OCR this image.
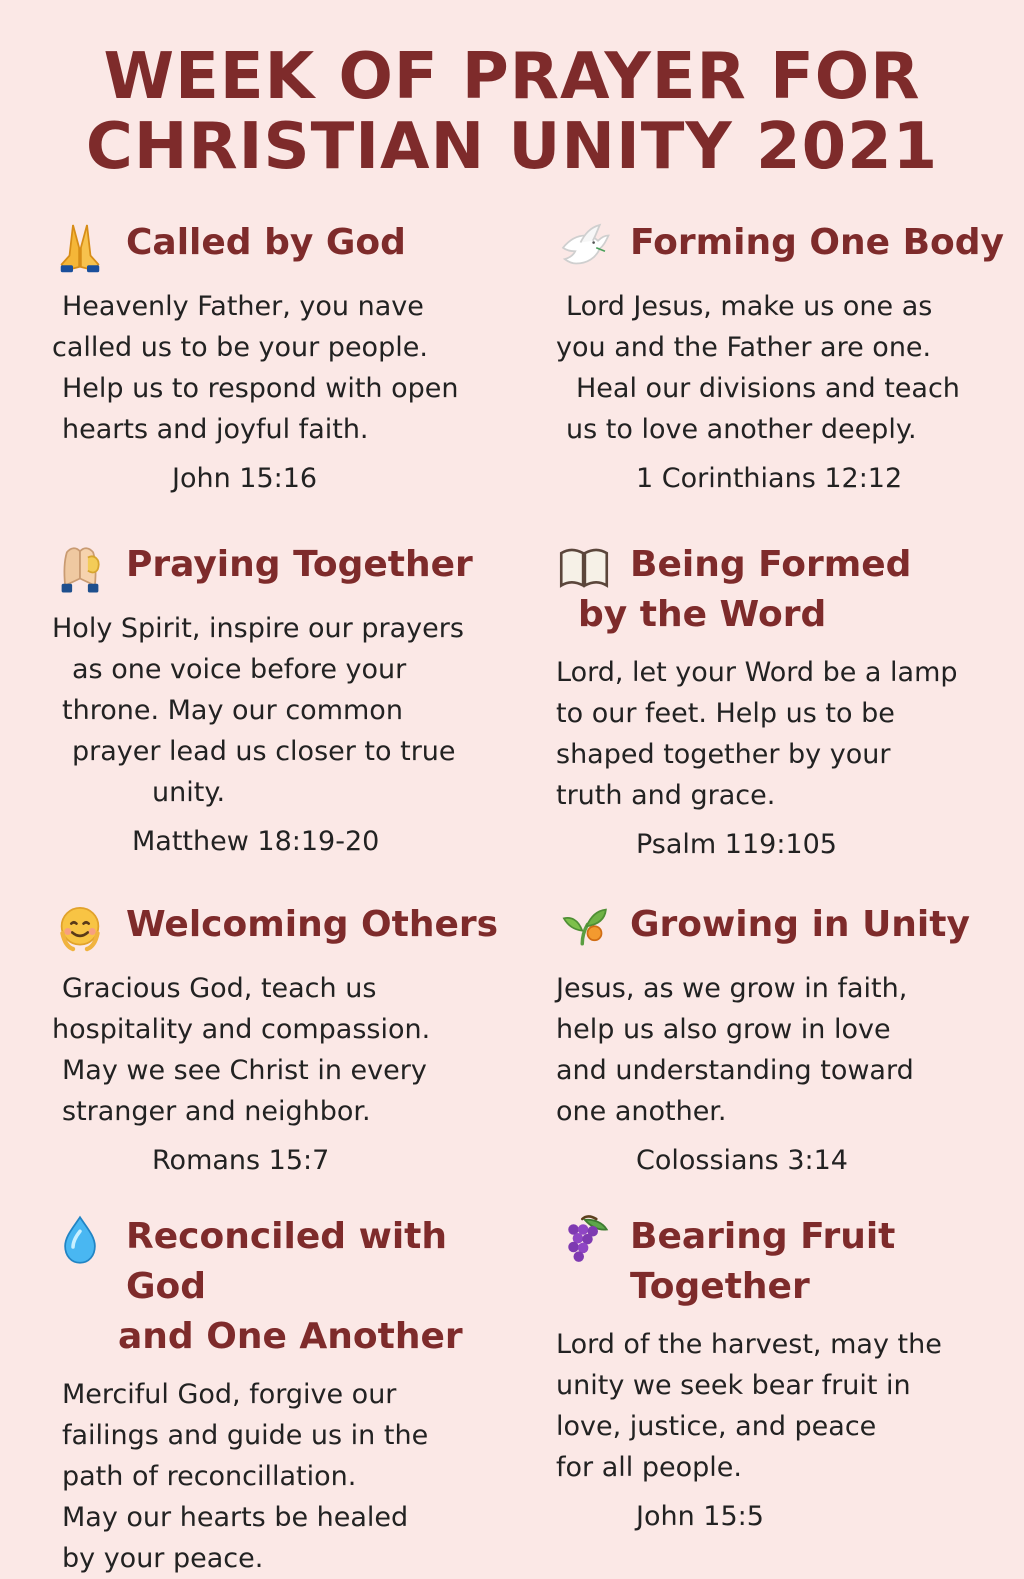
WEEK OF PRAYER FOR
CHRISTIAN UNITY 2021
Called by God
Heavenly Father, you nave
called us to be your people.
Help us to respond with open
hearts and joyful faith.
John 15:16
Forming One Body
Lord Jesus, make us one as
you and the Father are one.
Heal our divisions and teach
us to love another deeply.
1 Corinthians 12:12
Praying Together
Holy Spirit, inspire our prayers
as one voice before your
throne. May our common
prayer lead us closer to true
unity.
Matthew 18:19-20
Being Formed
by the Word
Lord, let your Word be a lamp
to our feet. Help us to be
shaped together by your
truth and grace.
Psalm 119:105
Welcoming Others
Gracious God, teach us
hospitality and compassion.
May we see Christ in every
stranger and neighbor.
Romans 15:7
Growing in Unity
Jesus, as we grow in faith,
help us also grow in love
and understanding toward
one another.
Colossians 3:14
Reconciled with God
and One Another
Merciful God, forgive our
failings and guide us in the
path of reconcillation.
May our hearts be healed
by your peace.
Bearing Fruit
Together
Lord of the harvest, may the
unity we seek bear fruit in
love, justice, and peace
for all people.
John 15:5
